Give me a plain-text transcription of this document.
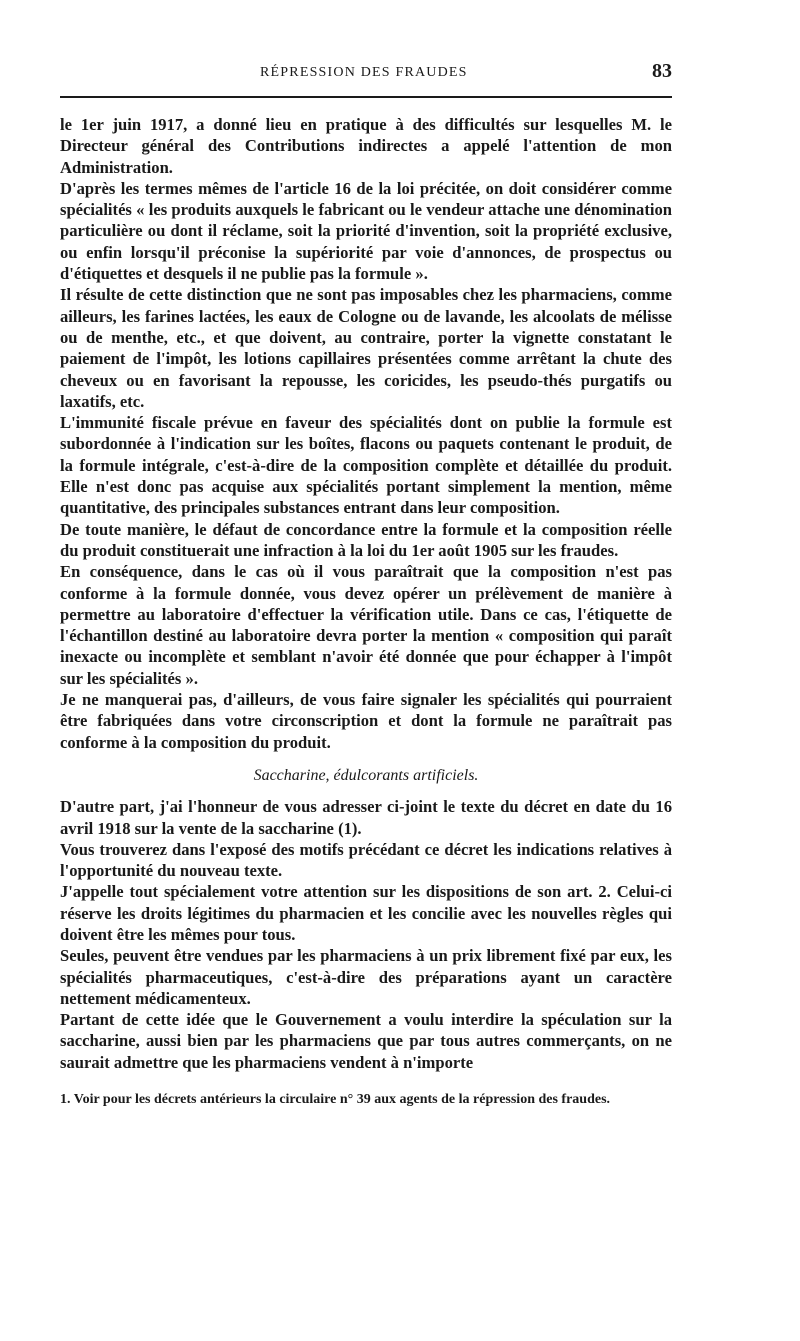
RÉPRESSION DES FRAUDES	83

le 1er juin 1917, a donné lieu en pratique à des difficultés sur lesquelles M. le Directeur général des Contributions indirectes a appelé l'attention de mon Administration.

D'après les termes mêmes de l'article 16 de la loi précitée, on doit considérer comme spécialités « les produits auxquels le fabricant ou le vendeur attache une dénomination particulière ou dont il réclame, soit la priorité d'invention, soit la propriété exclusive, ou enfin lorsqu'il préconise la supériorité par voie d'annonces, de prospectus ou d'étiquettes et desquels il ne publie pas la formule ».

Il résulte de cette distinction que ne sont pas imposables chez les pharmaciens, comme ailleurs, les farines lactées, les eaux de Cologne ou de lavande, les alcoolats de mélisse ou de menthe, etc., et que doivent, au contraire, porter la vignette constatant le paiement de l'impôt, les lotions capillaires présentées comme arrêtant la chute des cheveux ou en favorisant la repousse, les coricides, les pseudo-thés purgatifs ou laxatifs, etc.

L'immunité fiscale prévue en faveur des spécialités dont on publie la formule est subordonnée à l'indication sur les boîtes, flacons ou paquets contenant le produit, de la formule intégrale, c'est-à-dire de la composition complète et détaillée du produit. Elle n'est donc pas acquise aux spécialités portant simplement la mention, même quantitative, des principales substances entrant dans leur composition.

De toute manière, le défaut de concordance entre la formule et la composition réelle du produit constituerait une infraction à la loi du 1er août 1905 sur les fraudes.

En conséquence, dans le cas où il vous paraîtrait que la composition n'est pas conforme à la formule donnée, vous devez opérer un prélèvement de manière à permettre au laboratoire d'effectuer la vérification utile. Dans ce cas, l'étiquette de l'échantillon destiné au laboratoire devra porter la mention « composition qui paraît inexacte ou incomplète et semblant n'avoir été donnée que pour échapper à l'impôt sur les spécialités ».

Je ne manquerai pas, d'ailleurs, de vous faire signaler les spécialités qui pourraient être fabriquées dans votre circonscription et dont la formule ne paraîtrait pas conforme à la composition du produit.

Saccharine, édulcorants artificiels.

D'autre part, j'ai l'honneur de vous adresser ci-joint le texte du décret en date du 16 avril 1918 sur la vente de la saccharine (1).

Vous trouverez dans l'exposé des motifs précédant ce décret les indications relatives à l'opportunité du nouveau texte.

J'appelle tout spécialement votre attention sur les dispositions de son art. 2. Celui-ci réserve les droits légitimes du pharmacien et les concilie avec les nouvelles règles qui doivent être les mêmes pour tous.

Seules, peuvent être vendues par les pharmaciens à un prix librement fixé par eux, les spécialités pharmaceutiques, c'est-à-dire des préparations ayant un caractère nettement médicamenteux.

Partant de cette idée que le Gouvernement a voulu interdire la spéculation sur la saccharine, aussi bien par les pharmaciens que par tous autres commerçants, on ne saurait admettre que les pharmaciens vendent à n'importe

1. Voir pour les décrets antérieurs la circulaire n° 39 aux agents de la répression des fraudes.
